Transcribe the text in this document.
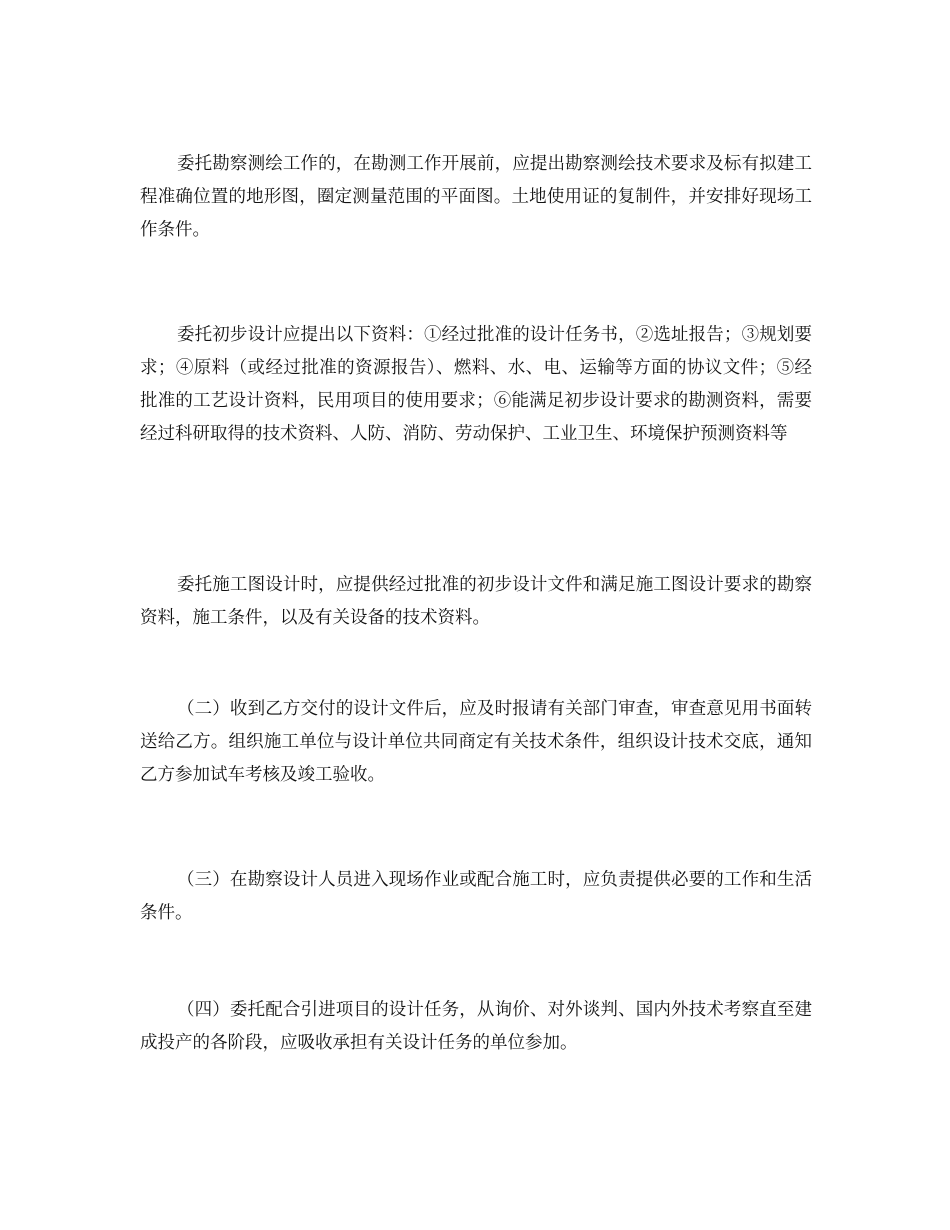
委托勘察测绘工作的，在勘测工作开展前，应提出勘察测绘技术要求及标有拟建工程准确位置的地形图，圈定测量范围的平面图。土地使用证的复制件，并安排好现场工作条件。

委托初步设计应提出以下资料：①经过批准的设计任务书，②选址报告；③规划要求；④原料（或经过批准的资源报告）、燃料、水、电、运输等方面的协议文件；⑤经批准的工艺设计资料，民用项目的使用要求；⑥能满足初步设计要求的勘测资料，需要经过科研取得的技术资料、人防、消防、劳动保护、工业卫生、环境保护预测资料等

委托施工图设计时，应提供经过批准的初步设计文件和满足施工图设计要求的勘察资料，施工条件，以及有关设备的技术资料。

（二）收到乙方交付的设计文件后，应及时报请有关部门审查，审查意见用书面转送给乙方。组织施工单位与设计单位共同商定有关技术条件，组织设计技术交底，通知乙方参加试车考核及竣工验收。

（三）在勘察设计人员进入现场作业或配合施工时，应负责提供必要的工作和生活条件。

（四）委托配合引进项目的设计任务，从询价、对外谈判、国内外技术考察直至建成投产的各阶段，应吸收承担有关设计任务的单位参加。
